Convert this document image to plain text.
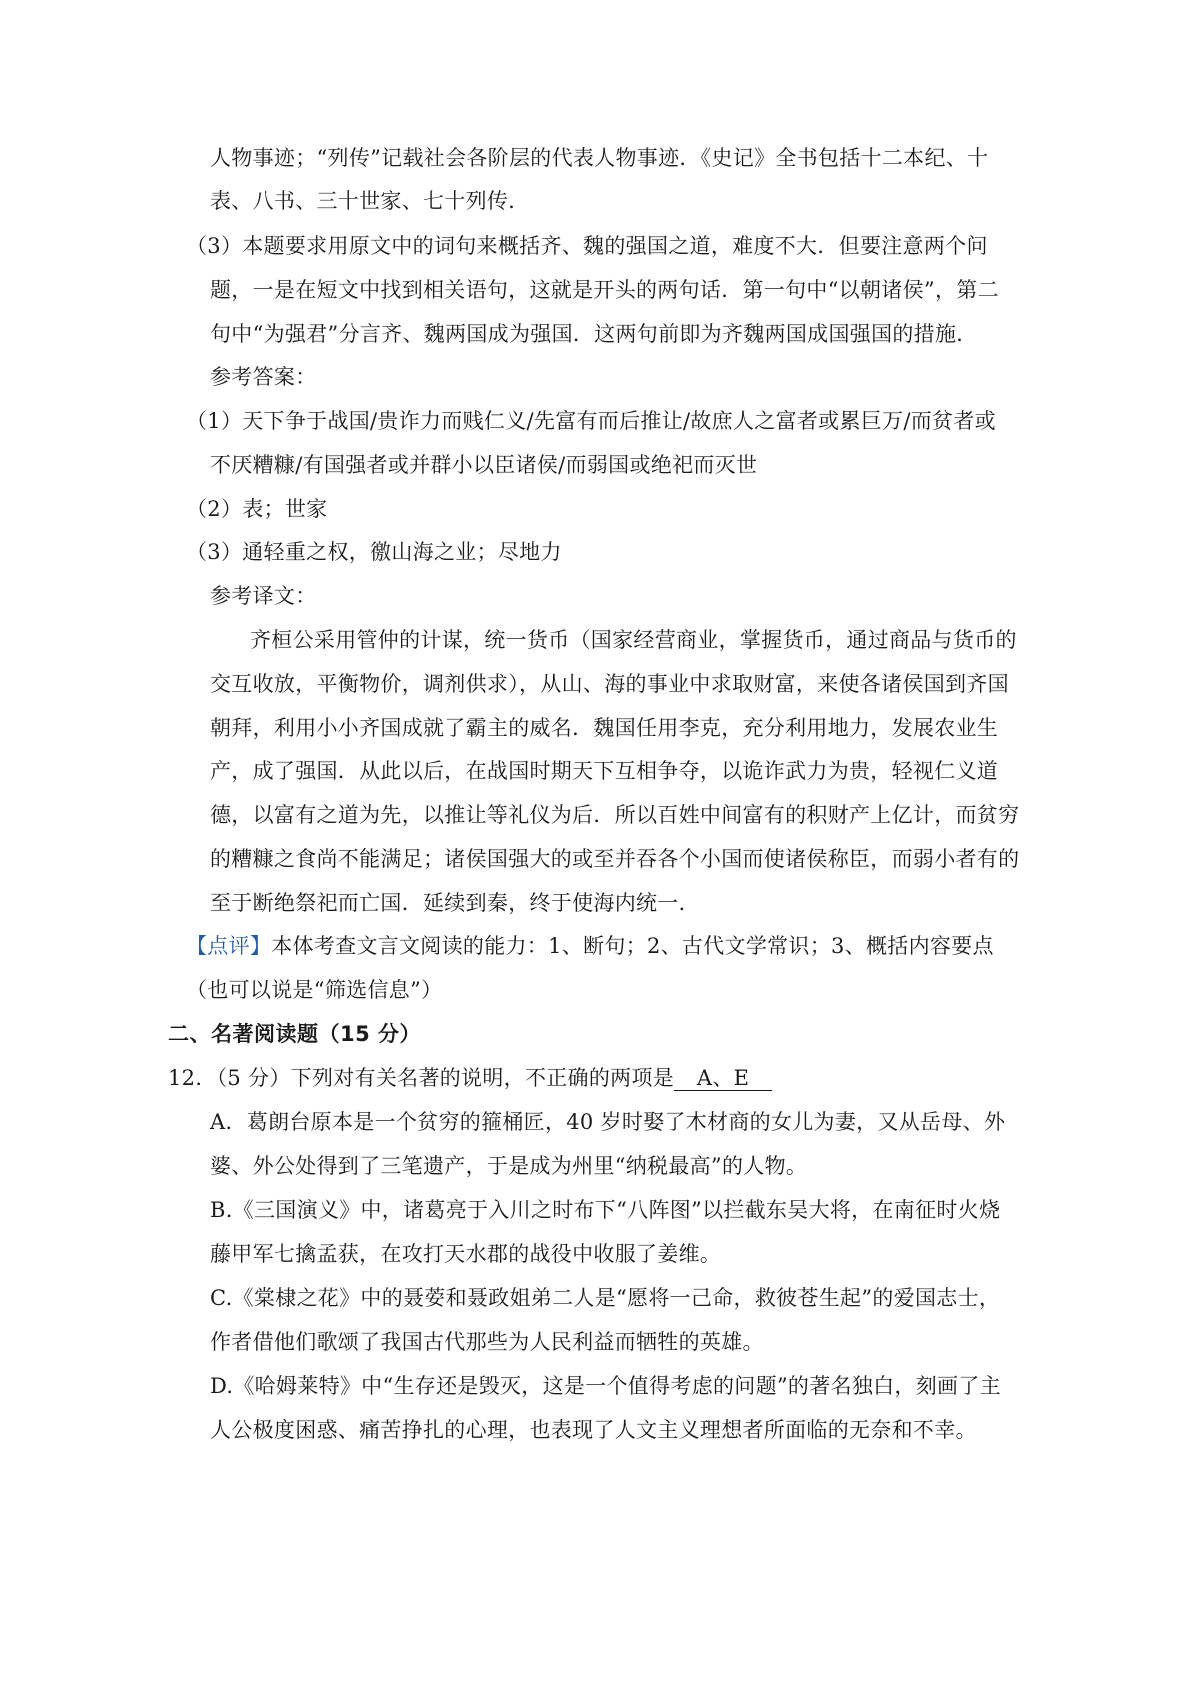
人物事迹；“列传”记载社会各阶层的代表人物事迹．《史记》全书包括十二本纪、十
表、八书、三十世家、七十列传．
（3）本题要求用原文中的词句来概括齐、魏的强国之道，难度不大．但要注意两个问
题，一是在短文中找到相关语句，这就是开头的两句话．第一句中“以朝诸侯”，第二
句中“为强君”分言齐、魏两国成为强国．这两句前即为齐魏两国成国强国的措施．
参考答案：
（1）天下争于战国/贵诈力而贱仁义/先富有而后推让/故庶人之富者或累巨万/而贫者或
不厌糟糠/有国强者或并群小以臣诸侯/而弱国或绝祀而灭世
（2）表；世家
（3）通轻重之权，徼山海之业；尽地力
参考译文：
齐桓公采用管仲的计谋，统一货币（国家经营商业，掌握货币，通过商品与货币的
交互收放，平衡物价，调剂供求），从山、海的事业中求取财富，来使各诸侯国到齐国
朝拜，利用小小齐国成就了霸主的威名．魏国任用李克，充分利用地力，发展农业生
产，成了强国．从此以后，在战国时期天下互相争夺，以诡诈武力为贵，轻视仁义道
德，以富有之道为先，以推让等礼仪为后．所以百姓中间富有的积财产上亿计，而贫穷
的糟糠之食尚不能满足；诸侯国强大的或至并吞各个小国而使诸侯称臣，而弱小者有的
至于断绝祭祀而亡国．延续到秦，终于使海内统一．
【点评】本体考查文言文阅读的能力：1、断句；2、古代文学常识；3、概括内容要点
（也可以说是“筛选信息”）
二、名著阅读题（15 分）
12．（5 分）下列对有关名著的说明，不正确的两项是 A、E
A．葛朗台原本是一个贫穷的箍桶匠，40 岁时娶了木材商的女儿为妻，又从岳母、外
婆、外公处得到了三笔遗产，于是成为州里“纳税最高”的人物。
B.《三国演义》中，诸葛亮于入川之时布下“八阵图”以拦截东吴大将，在南征时火烧
藤甲军七擒孟获，在攻打天水郡的战役中收服了姜维。
C.《棠棣之花》中的聂荌和聂政姐弟二人是“愿将一己命，救彼苍生起”的爱国志士，
作者借他们歌颂了我国古代那些为人民利益而牺牲的英雄。
D.《哈姆莱特》中“生存还是毁灭，这是一个值得考虑的问题”的著名独白，刻画了主
人公极度困惑、痛苦挣扎的心理，也表现了人文主义理想者所面临的无奈和不幸。
